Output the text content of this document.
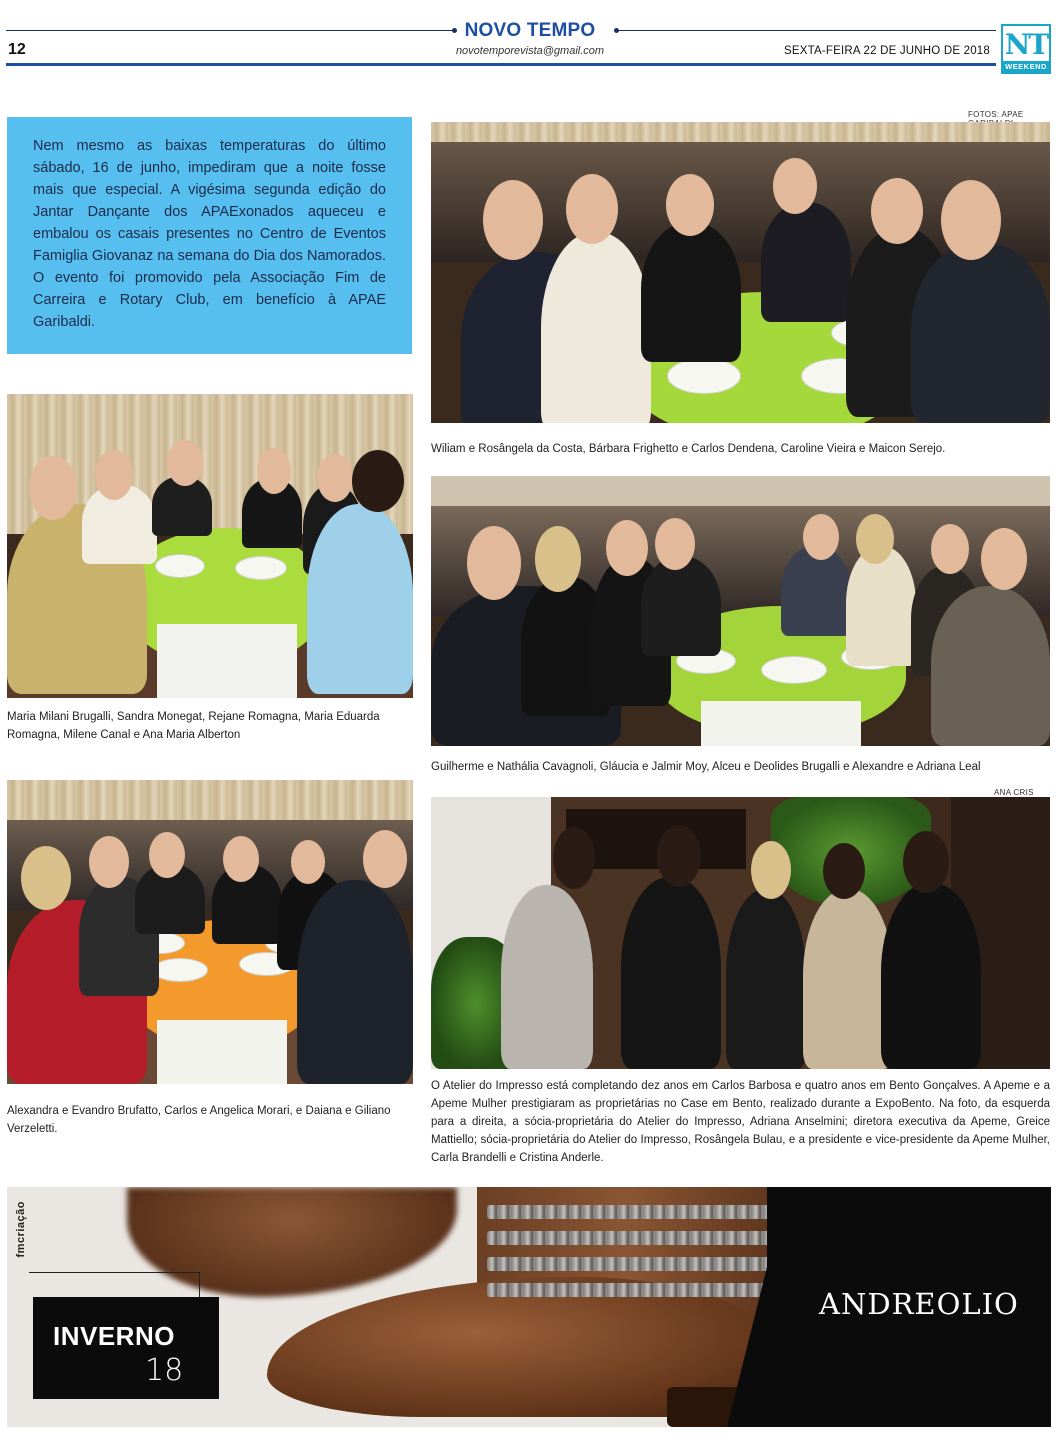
NOVO TEMPO
novotemporevista@gmail.com
12	SEXTA-FEIRA 22 DE JUNHO DE 2018 NT
WEEKEND

Nem mesmo as baixas temperaturas do último sábado, 16 de junho, impediram que a noite fosse mais que especial. A vigésima segunda edição do Jantar Dançante dos APAExonados aqueceu e embalou os casais presentes no Centro de Eventos Famiglia Giovanaz na semana do Dia dos Namorados. O evento foi promovido pela Associação Fim de Carreira e Rotary Club, em benefício à APAE Garibaldi.

FOTOS: APAE

Wiliam e Rosângela da Costa, Bárbara Frighetto e Carlos Dendena, Caroline Vieira e Maicon Serejo.

Maria Milani Brugalli, Sandra Monegat, Rejane Romagna, Maria Eduarda Romagna, Milene Canal e Ana Maria Alberton

Guilherme e Nathália Cavagnoli, Gláucia e Jalmir Moy, Alceu e Deolides Brugalli e Alexandre e Adriana Leal

ANA CRIS

Alexandra e Evandro Brufatto, Carlos e Angelica Morari, e Daiana e Giliano Verzeletti.

O Atelier do Impresso está completando dez anos em Carlos Barbosa e quatro anos em Bento Gonçalves. A Apeme e a Apeme Mulher prestigiaram as proprietárias no Case em Bento, realizado durante a ExpoBento. Na foto, da esquerda para a direita, a sócia-proprietária do Atelier do Impresso, Adriana Anselmini; diretora executiva da Apeme, Greice Mattiello; sócia-proprietária do Atelier do Impresso, Rosângela Bulau, e a presidente e vice-presidente da Apeme Mulher, Carla Brandelli e Cristina Anderle.

fmcriação
INVERNO
18
ANDREOLIO
